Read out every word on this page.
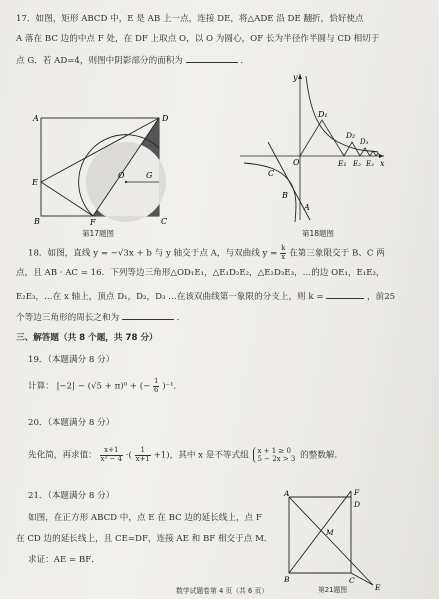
17．如图，矩形 ABCD 中，E 是 AB 上一点，连接 DE，将△ADE 沿 DE 翻折，恰好使点
A 落在 BC 边的中点 F 处，在 DF 上取点 O，以 O 为圆心，OF 长为半径作半圆与 CD 相切于
点 G．若 AD=4，则图中阴影部分的面积为	．
A	D
E
O	G
B	F	C
第17题图
y
x
O
A
B
C
D₁
D₂
D₃
E₁ E₂ E₃
第18题图
18．如图，直线 y = −√3x + b 与 y 轴交于点 A，与双曲线 $y = \frac{k}{x}$ 在第三象限交于 B、C 两
点，且 AB · AC = 16．下列等边三角形△OD₁E₁，△E₁D₂E₂，△E₂D₃E₃，…的边 OE₁，E₁E₂，
E₂E₃，…在 x 轴上，顶点 D₁，D₂，D₃ …在该双曲线第一象限的分支上，则 k =	，前25
个等边三角形的周长之和为	．
三、解答题（共 8 个题，共 78 分）
19．（本题满分 8 分）
计算： |−2| − (√5 + π)⁰ + (− $\frac{1}{6} )^{-1}$．
20．（本题满分 8 分）
先化简，再求值： $\frac{x+1}{\text{x² − 4}}$ ·( $\frac{1}{x+1} +1$)，其中 x 是不等式组 x + 1 ≥ 0
5 − 2x > 3 的整数解．
21．（本题满分 8 分）
如图，在正方形 ABCD 中，点 E 在 BC 边的延长线上，点 F
在 CD 边的延长线上，且 CE=DF，连接 AE 和 BF 相交于点 M．
求证：AE = BF．
A	F
D
M
B	C
E
第21题图
数学试题卷第 4 页（共 6 页）
